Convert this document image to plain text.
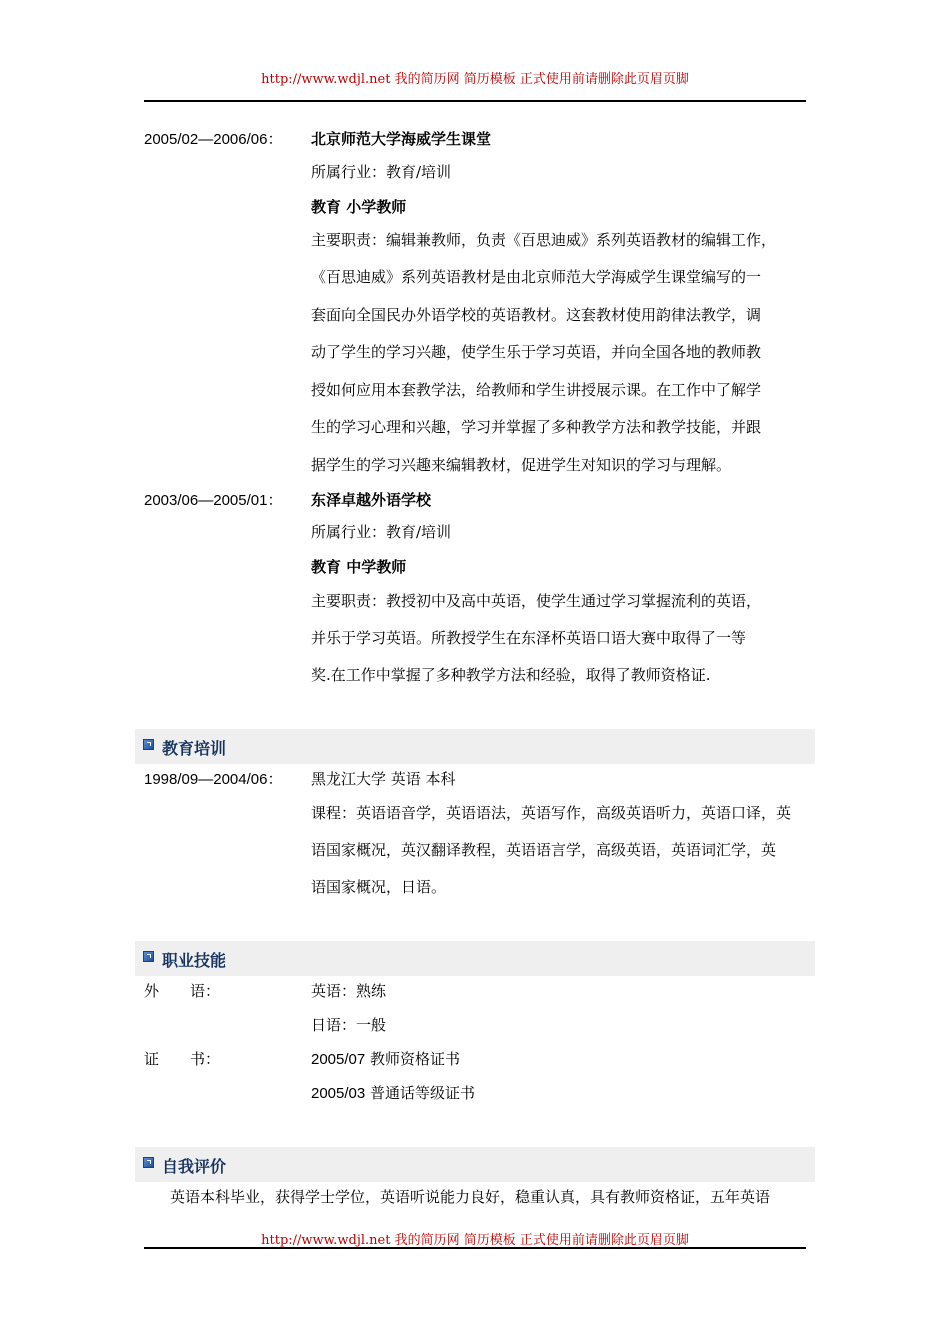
http://www.wdjl.net 我的简历网 简历模板 正式使用前请删除此页眉页脚
2005/02—2006/06： 北京师范大学海威学生课堂
所属行业：教育/培训
教育 小学教师
主要职责：编辑兼教师，负责《百思迪威》系列英语教材的编辑工作，
《百思迪威》系列英语教材是由北京师范大学海威学生课堂编写的一
套面向全国民办外语学校的英语教材。这套教材使用韵律法教学，调
动了学生的学习兴趣，使学生乐于学习英语，并向全国各地的教师教
授如何应用本套教学法，给教师和学生讲授展示课。在工作中了解学
生的学习心理和兴趣，学习并掌握了多种教学方法和教学技能，并跟
据学生的学习兴趣来编辑教材，促进学生对知识的学习与理解。
2003/06—2005/01： 东泽卓越外语学校
所属行业：教育/培训
教育 中学教师
主要职责：教授初中及高中英语，使学生通过学习掌握流利的英语，
并乐于学习英语。所教授学生在东泽杯英语口语大赛中取得了一等
奖.在工作中掌握了多种教学方法和经验，取得了教师资格证.
教育培训
1998/09—2004/06： 黑龙江大学 英语 本科
课程：英语语音学，英语语法，英语写作，高级英语听力，英语口译，英
语国家概况，英汉翻译教程，英语语言学，高级英语，英语词汇学，英
语国家概况，日语。
职业技能
外 语：	英语：熟练
日语：一般
证 书：	2005/07 教师资格证书
2005/03 普通话等级证书
自我评价
英语本科毕业，获得学士学位，英语听说能力良好，稳重认真，具有教师资格证，五年英语
http://www.wdjl.net 我的简历网 简历模板 正式使用前请删除此页眉页脚
